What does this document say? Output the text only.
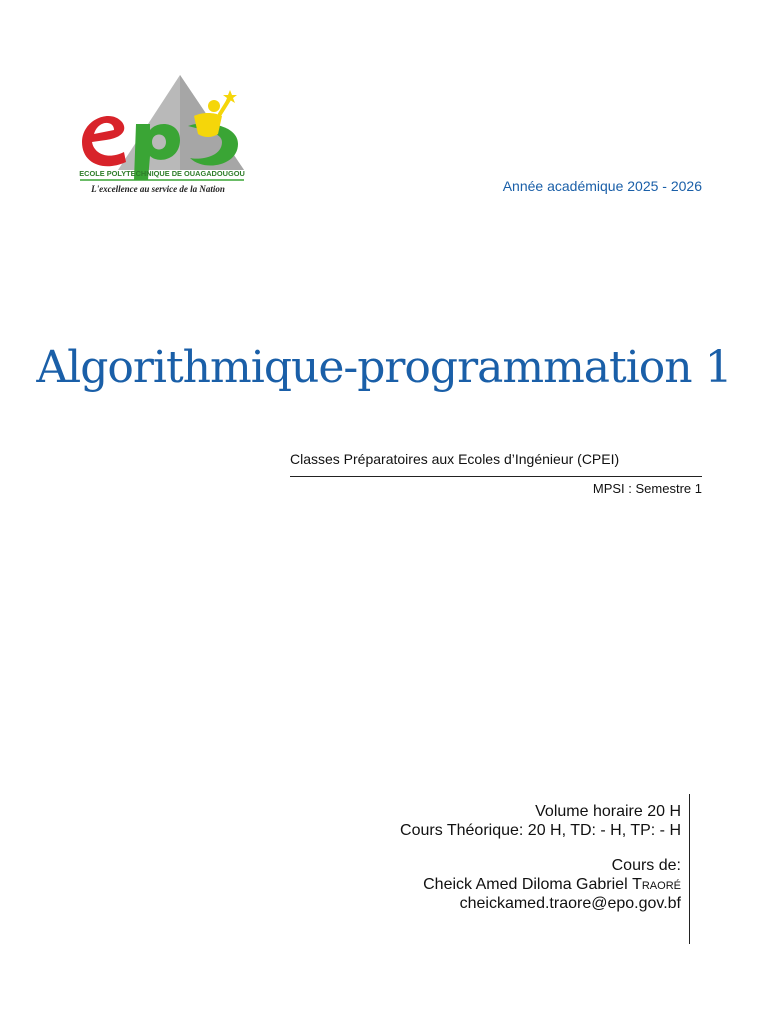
ECOLE POLYTECHNIQUE DE OUAGADOUGOU
L'excellence au service de la Nation	Année académique 2025 - 2026
Algorithmique-programmation 1
Classes Préparatoires aux Ecoles d’Ingénieur (CPEI)
MPSI : Semestre 1
Volume horaire 20 H
Cours Théorique: 20 H, TD: - H, TP: - H
Cours de:
Cheick Amed Diloma Gabriel Traoré
cheickamed.traore@epo.gov.bf
